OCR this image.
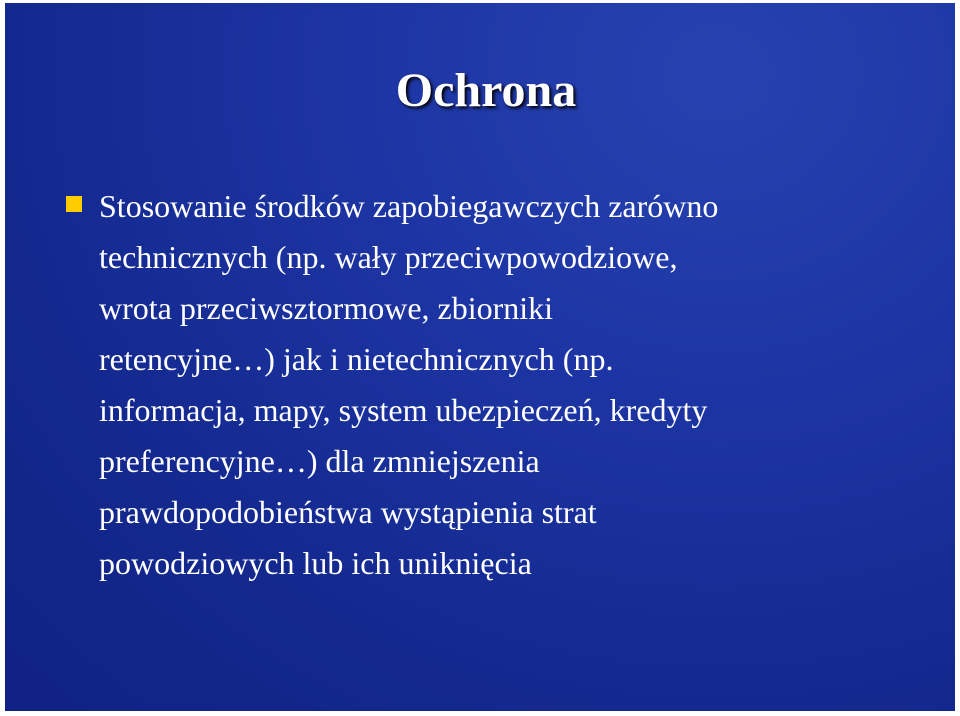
Ochrona
Stosowanie środków zapobiegawczych zarówno
technicznych (np. wały przeciwpowodziowe,
wrota przeciwsztormowe, zbiorniki
retencyjne…) jak i nietechnicznych (np.
informacja, mapy, system ubezpieczeń, kredyty
preferencyjne…) dla zmniejszenia
prawdopodobieństwa wystąpienia strat
powodziowych lub ich uniknięcia
